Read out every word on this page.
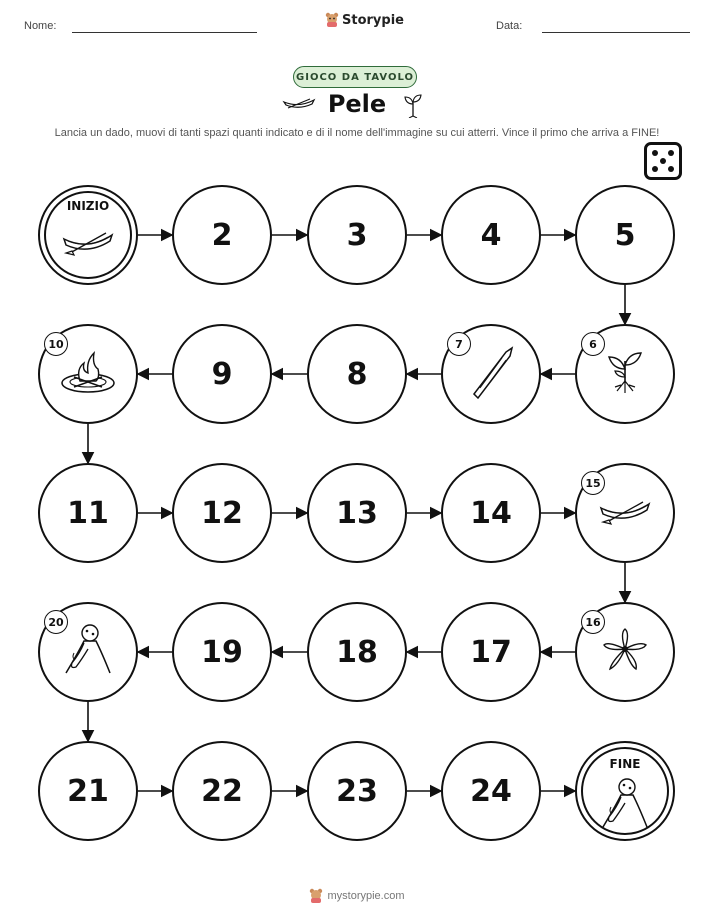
Nome:	Storypie	Data:
GIOCO DA TAVOLO
Pele
Lancia un dado, muovi di tanti spazi quanti indicato e di il nome dell'immagine su cui atterri. Vince il primo che arriva a FINE!
INIZIO
2	3	4	5
6
7
8
9
10
11	12	13	14
15
16
17
18
19
20
21	22	23	24
FINE
mystorypie.com
